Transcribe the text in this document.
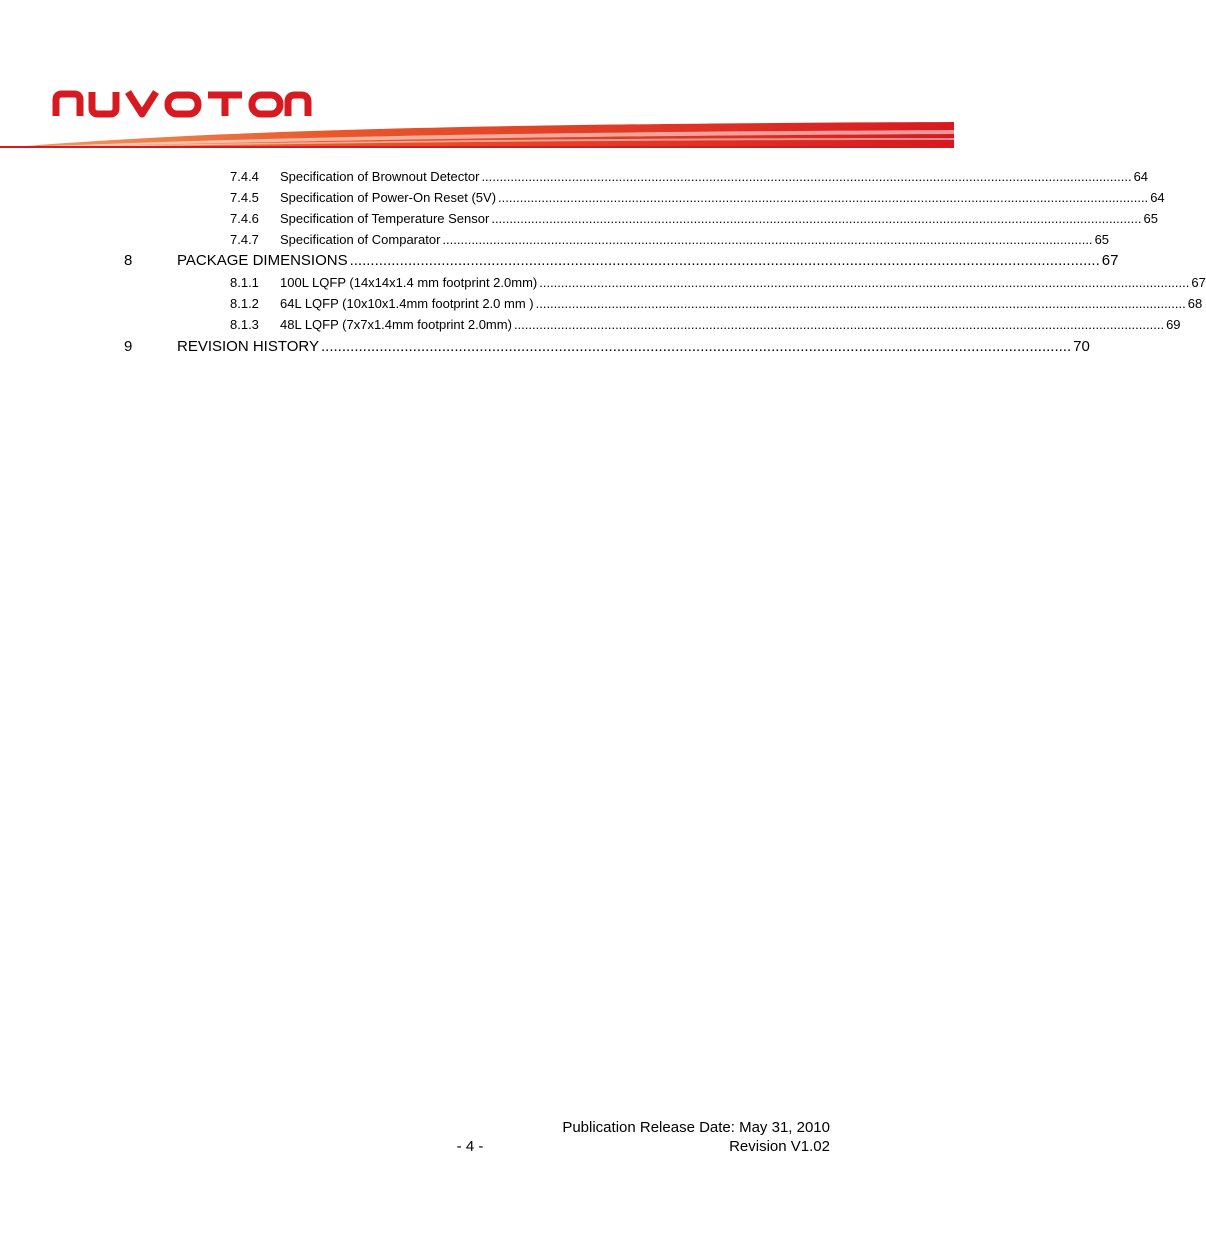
7.4.4 Specification of Brownout Detector .................................................................................................................................................................................... 64
7.4.5 Specification of Power-On Reset (5V) .................................................................................................................................................................................... 64
7.4.6 Specification of Temperature Sensor .................................................................................................................................................................................... 65
7.4.7 Specification of Comparator .................................................................................................................................................................................... 65
8	PACKAGE DIMENSIONS .................................................................................................................................................................................... 67
8.1.1 100L LQFP (14x14x1.4 mm footprint 2.0mm) .................................................................................................................................................................................... 67
8.1.2 64L LQFP (10x10x1.4mm footprint 2.0 mm ) .................................................................................................................................................................................... 68
8.1.3 48L LQFP (7x7x1.4mm footprint 2.0mm) .................................................................................................................................................................................... 69
9	REVISION HISTORY .................................................................................................................................................................................... 70
Publication Release Date: May 31, 2010
- 4 -	Revision V1.02
